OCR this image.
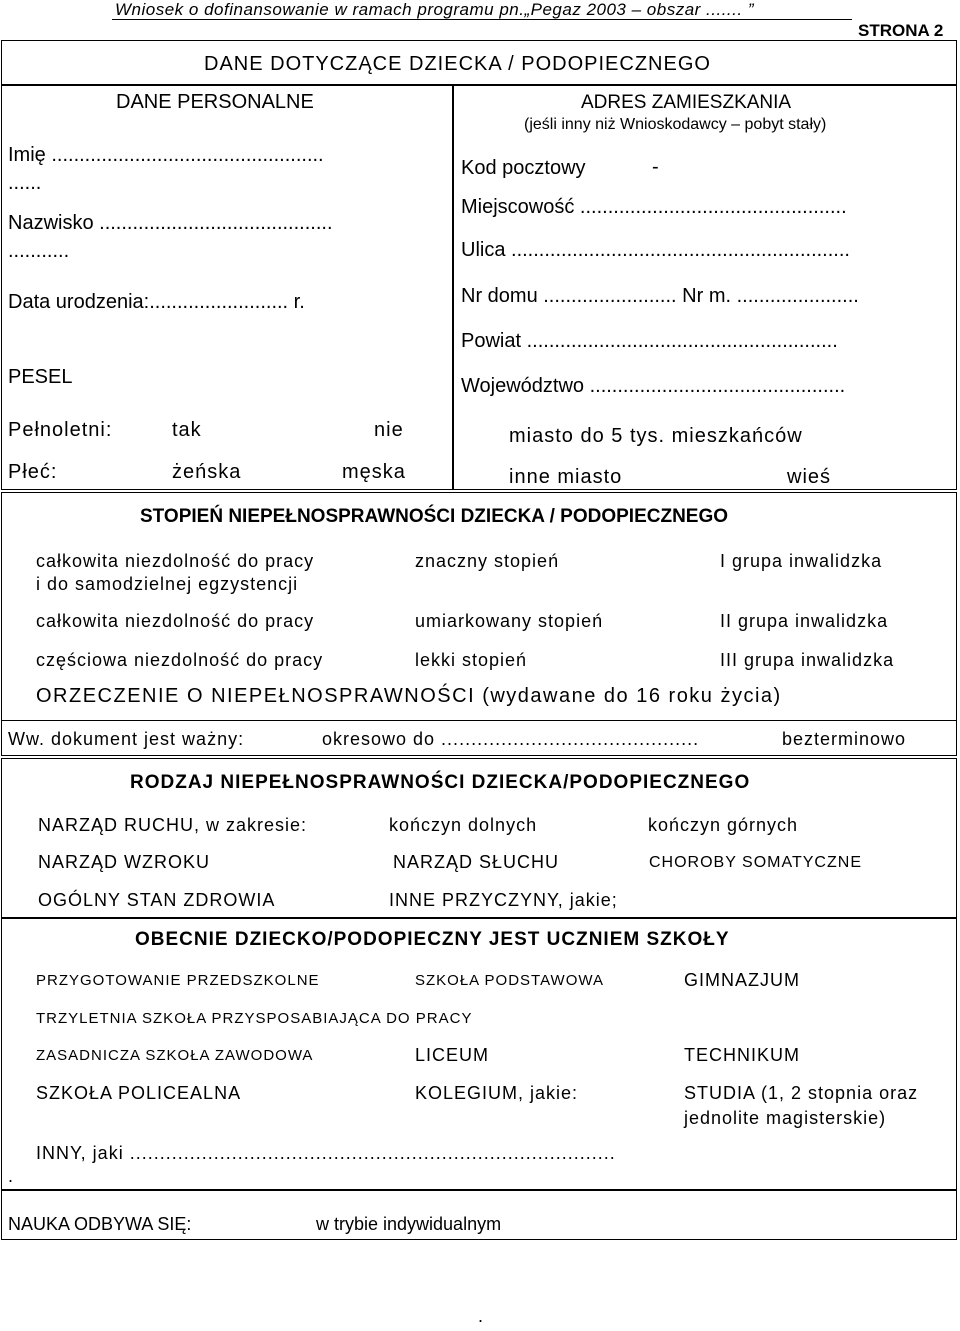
Wniosek o dofinansowanie w ramach programu pn.„Pegaz 2003 – obszar ....... ”
STRONA 2
DANE DOTYCZĄCE DZIECKA / PODOPIECZNEGO
DANE PERSONALNE
Imię .................................................
......
Nazwisko ..........................................
...........
Data urodzenia:......................... r.
PESEL
Pełnoletni:	tak	nie
Płeć:	żeńska	męska
ADRES ZAMIESZKANIA
(jeśli inny niż Wnioskodawcy – pobyt stały)
Kod pocztowy	-
Miejscowość ................................................
Ulica .............................................................
Nr domu ........................ Nr m. ......................
Powiat ........................................................
Województwo ..............................................
miasto do 5 tys. mieszkańców
inne miasto	wieś
STOPIEŃ NIEPEŁNOSPRAWNOŚCI DZIECKA / PODOPIECZNEGO
całkowita niezdolność do pracy
i do samodzielnej egzystencji
znaczny stopień	I grupa inwalidzka
całkowita niezdolność do pracy	umiarkowany stopień	II grupa inwalidzka
częściowa niezdolność do pracy	lekki stopień	III grupa inwalidzka
ORZECZENIE O NIEPEŁNOSPRAWNOŚCI (wydawane do 16 roku życia)
Ww. dokument jest ważny:	okresowo do ...........................................	bezterminowo
RODZAJ NIEPEŁNOSPRAWNOŚCI DZIECKA/PODOPIECZNEGO
NARZĄD RUCHU, w zakresie:	kończyn dolnych	kończyn górnych
NARZĄD WZROKU	NARZĄD SŁUCHU	CHOROBY SOMATYCZNE
OGÓLNY STAN ZDROWIA	INNE PRZYCZYNY, jakie;
OBECNIE DZIECKO/PODOPIECZNY JEST UCZNIEM SZKOŁY
PRZYGOTOWANIE PRZEDSZKOLNE	SZKOŁA PODSTAWOWA	GIMNAZJUM
TRZYLETNIA SZKOŁA PRZYSPOSABIAJĄCA DO PRACY
ZASADNICZA SZKOŁA ZAWODOWA	LICEUM	TECHNIKUM
SZKOŁA POLICEALNA	KOLEGIUM, jakie:	STUDIA (1, 2 stopnia oraz
jednolite magisterskie)
INNY, jaki .................................................................................
.
NAUKA ODBYWA SIĘ:	w trybie indywidualnym
.
